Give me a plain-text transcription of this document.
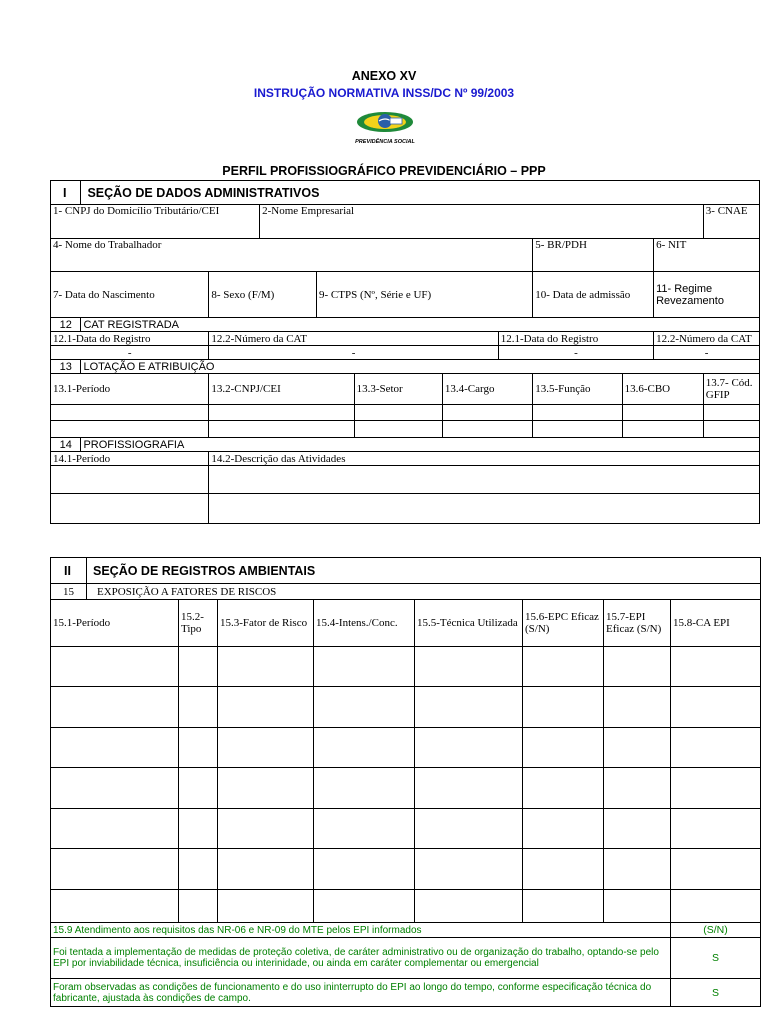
ANEXO XV
INSTRUÇÃO NORMATIVA INSS/DC Nº 99/2003
PREVIDÊNCIA SOCIAL
PERFIL PROFISSIOGRÁFICO PREVIDENCIÁRIO – PPP
I	SEÇÃO DE DADOS ADMINISTRATIVOS										
1- CNPJ do Domicílio Tributário/CEI			2-Nome Empresarial								3- CNAE
4- Nome do Trabalhador								5- BR/PDH		6- NIT	
7- Data do Nascimento		8- Sexo (F/M)		9- CTPS (Nº, Série e UF)				10- Data de admissão		11- Regime Revezamento	
12	CAT REGISTRADA										
12.1-Data do Registro		12.2-Número da CAT					12.1-Data do Registro			12.2-Número da CAT	
-		-					-			-	
13	LOTAÇÃO E ATRIBUIÇÃO										
13.1-Período		13.2-CNPJ/CEI			13.3-Setor	13.4-Cargo		13.5-Função	13.6-CBO		13.7- Cód. GFIP

14	PROFISSIOGRAFIA										
14.1-Período		14.2-Descrição das Atividades									

II	SEÇÃO DE REGISTROS AMBIENTAIS							
15	EXPOSIÇÃO A FATORES DE RISCOS							
15.1-Período		15.2-Tipo	15.3-Fator de Risco	15.4-Intens./Conc.	15.5-Técnica Utilizada	15.6-EPC Eficaz (S/N)	15.7-EPI Eficaz (S/N)	15.8-CA EPI

15.9 Atendimento aos requisitos das NR-06 e NR-09 do MTE pelos EPI informados								(S/N)
Foi tentada a implementação de medidas de proteção coletiva, de caráter administrativo ou de organização do trabalho, optando-se pelo EPI por inviabilidade técnica, insuficiência ou interinidade, ou ainda em caráter complementar ou emergencial								S
Foram observadas as condições de funcionamento e do uso ininterrupto do EPI ao longo do tempo, conforme especificação técnica do fabricante, ajustada às condições de campo.								S
